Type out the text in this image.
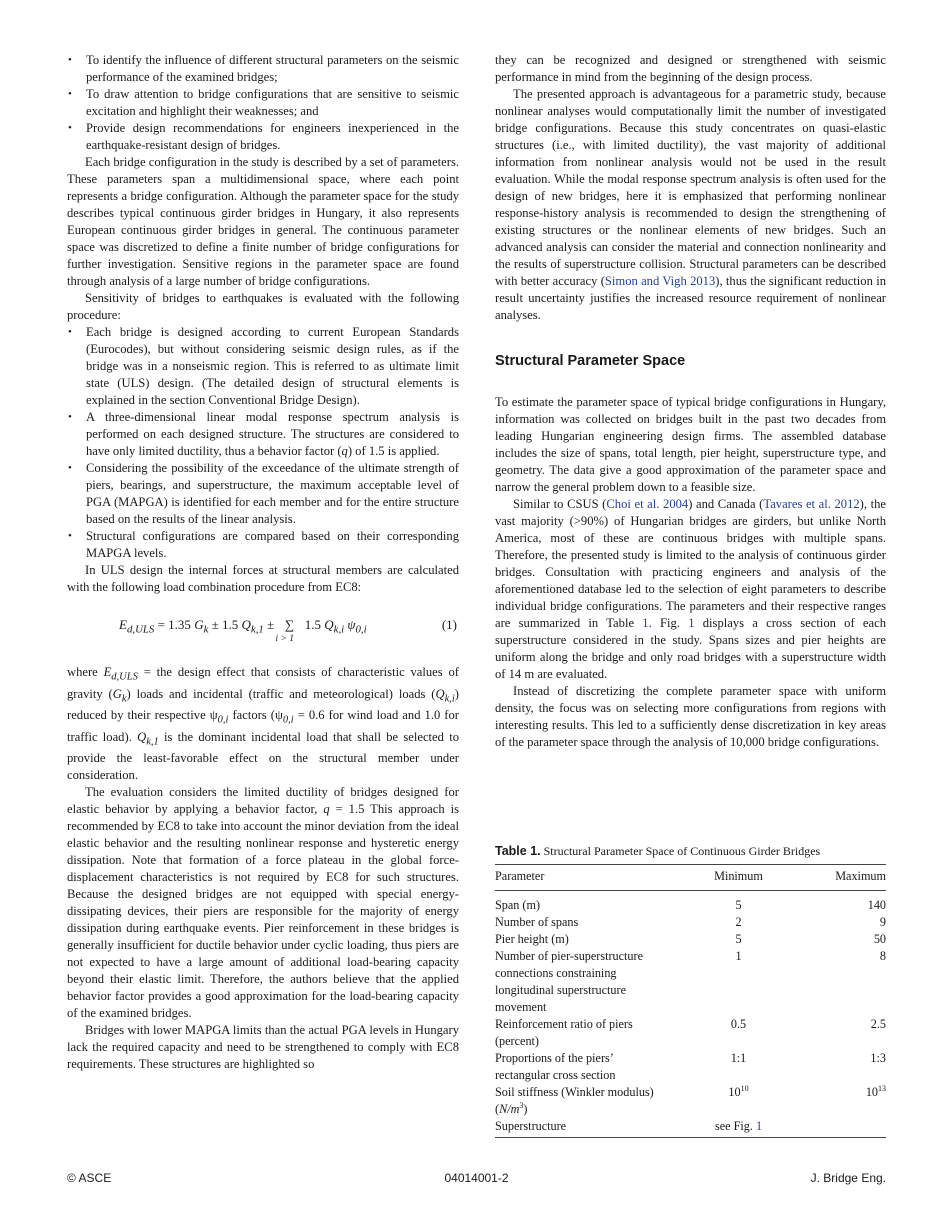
• To identify the influence of different structural parameters on the seismic performance of the examined bridges;
• To draw attention to bridge configurations that are sensitive to seismic excitation and highlight their weaknesses; and
• Provide design recommendations for engineers inexperienced in the earthquake-resistant design of bridges.

Each bridge configuration in the study is described by a set of parameters. These parameters span a multidimensional space, where each point represents a bridge configuration. Although the parameter space for the study describes typical continuous girder bridges in Hungary, it also represents European continuous girder bridges in general. The continuous parameter space was discretized to define a finite number of bridge configurations for further investigation. Sensitive regions in the parameter space are found through analysis of a large number of bridge configurations.

Sensitivity of bridges to earthquakes is evaluated with the following procedure:

• Each bridge is designed according to current European Standards (Eurocodes), but without considering seismic design rules, as if the bridge was in a nonseismic region. This is referred to as ultimate limit state (ULS) design. (The detailed design of structural elements is explained in the section Conventional Bridge Design).
• A three-dimensional linear modal response spectrum analysis is performed on each designed structure. The structures are considered to have only limited ductility, thus a behavior factor (q) of 1.5 is applied.
• Considering the possibility of the exceedance of the ultimate strength of piers, bearings, and superstructure, the maximum acceptable level of PGA (MAPGA) is identified for each member and for the entire structure based on the results of the linear analysis.
• Structural configurations are compared based on their corresponding MAPGA levels.

In ULS design the internal forces at structural members are calculated with the following load combination procedure from EC8:

$E_{d,ULS} = 1.35$ $G_k \pm 1.5$ $Q_{k,1}$ ± ∑
i > 1
1.5 $Q_{k,i}$ $\psi_{0,i}$	(1)

where $E_{d,ULS}$ = the design effect that consists of characteristic values of gravity $(G_k)$ loads and incidental (traffic and meteorological) loads $(Q_{k,i})$ reduced by their respective $\psi_{0,i}$ factors ($\psi_{0,i} = 0.6$ for wind load and 1.0 for traffic load). $Q_{k,1}$ is the dominant incidental load that shall be selected to provide the least-favorable effect on the structural member under consideration.

The evaluation considers the limited ductility of bridges designed for elastic behavior by applying a behavior factor, q = 1.5 This approach is recommended by EC8 to take into account the minor deviation from the ideal elastic behavior and the resulting nonlinear response and hysteretic energy dissipation. Note that formation of a force plateau in the global force-displacement characteristics is not required by EC8 for such structures. Because the designed bridges are not equipped with special energy-dissipating devices, their piers are responsible for the majority of energy dissipation during earthquake events. Pier reinforcement in these bridges is generally insufficient for ductile behavior under cyclic loading, thus piers are not expected to have a large amount of additional load-bearing capacity beyond their elastic limit. Therefore, the authors believe that the applied behavior factor provides a good approximation for the load-bearing capacity of the examined bridges.

Bridges with lower MAPGA limits than the actual PGA levels in Hungary lack the required capacity and need to be strengthened to comply with EC8 requirements. These structures are highlighted so

they can be recognized and designed or strengthened with seismic performance in mind from the beginning of the design process.

The presented approach is advantageous for a parametric study, because nonlinear analyses would computationally limit the number of investigated bridge configurations. Because this study concentrates on quasi-elastic structures (i.e., with limited ductility), the vast majority of additional information from nonlinear analysis would not be used in the result evaluation. While the modal response spectrum analysis is often used for the design of new bridges, here it is emphasized that performing nonlinear response-history analysis is recommended to design the strengthening of existing structures or the nonlinear elements of new bridges. Such an advanced analysis can consider the material and connection nonlinearity and the results of superstructure collision. Structural parameters can be described with better accuracy (Simon and Vigh 2013), thus the significant reduction in result uncertainty justifies the increased resource requirement of nonlinear analyses.

Structural Parameter Space

To estimate the parameter space of typical bridge configurations in Hungary, information was collected on bridges built in the past two decades from leading Hungarian engineering design firms. The assembled database includes the size of spans, total length, pier height, superstructure type, and geometry. The data give a good approximation of the parameter space and narrow the general problem down to a feasible size.

Similar to CSUS (Choi et al. 2004) and Canada (Tavares et al. 2012), the vast majority (>90%) of Hungarian bridges are girders, but unlike North America, most of these are continuous bridges with multiple spans. Therefore, the presented study is limited to the analysis of continuous girder bridges. Consultation with practicing engineers and analysis of the aforementioned database led to the selection of eight parameters to describe individual bridge configurations. The parameters and their respective ranges are summarized in Table 1. Fig. 1 displays a cross section of each superstructure considered in the study. Spans sizes and pier heights are uniform along the bridge and only road bridges with a superstructure width of 14 m are evaluated.

Instead of discretizing the complete parameter space with uniform density, the focus was on selecting more configurations from regions with interesting results. This led to a sufficiently dense discretization in key areas of the parameter space through the analysis of 10,000 bridge configurations.

Table 1. Structural Parameter Space of Continuous Girder Bridges
Parameter	Minimum	Maximum
Span (m)	5	140
Number of spans	2	9
Pier height (m)	5	50
Number of pier-superstructure connections constraining longitudinal superstructure movement	1	8
Reinforcement ratio of piers (percent)	0.5	2.5
Proportions of the piers’ rectangular cross section	1:1	1:3
Soil stiffness (Winkler modulus) $(N/m^3)$	$10^{10}$	$10^{13}$
Superstructure	see Fig. 1	
© ASCE	04014001-2	J. Bridge Eng.
